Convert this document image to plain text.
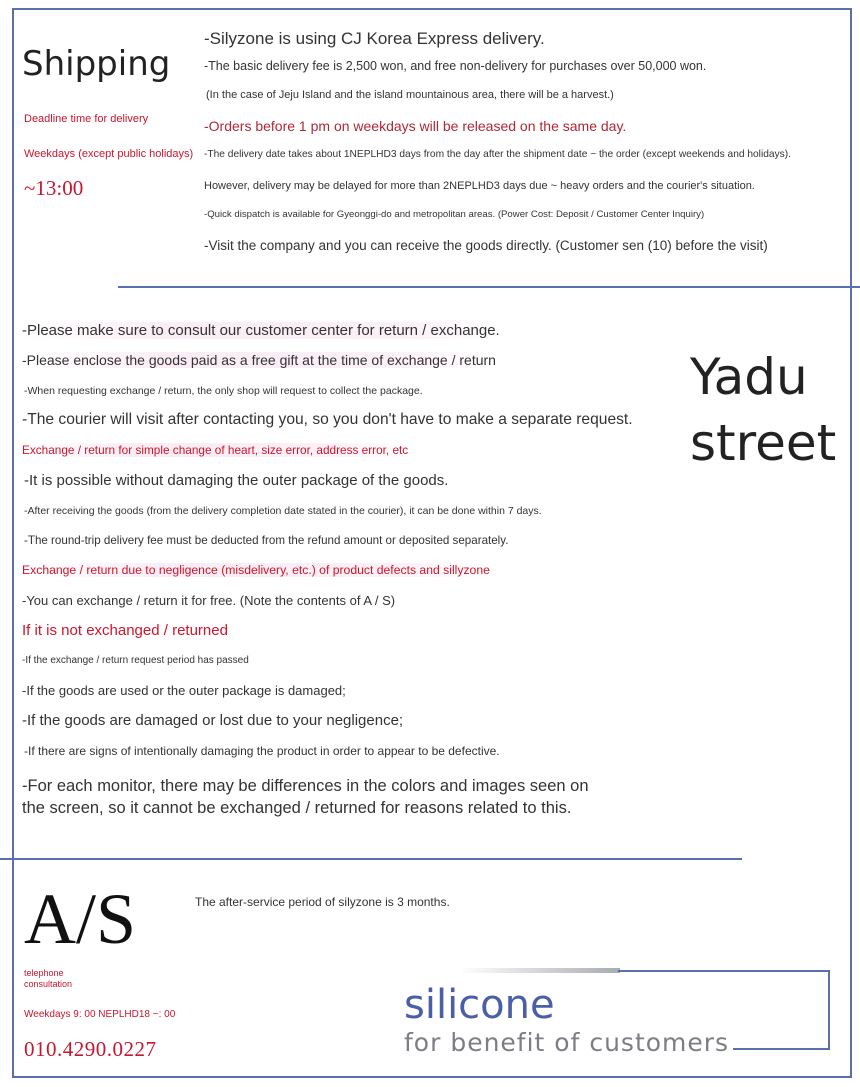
Shipping
Deadline time for delivery
Weekdays (except public holidays)
~13:00
-Silyzone is using CJ Korea Express delivery.
-The basic delivery fee is 2,500 won, and free non-delivery for purchases over 50,000 won.
(In the case of Jeju Island and the island mountainous area, there will be a harvest.)
-Orders before 1 pm on weekdays will be released on the same day.
-The delivery date takes about 1NEPLHD3 days from the day after the shipment date ~ the order (except weekends and holidays).
However, delivery may be delayed for more than 2NEPLHD3 days due ~ heavy orders and the courier's situation.
-Quick dispatch is available for Gyeonggi-do and metropolitan areas. (Power Cost: Deposit / Customer Center Inquiry)
-Visit the company and you can receive the goods directly. (Customer sen (10) before the visit)
Yadu street
-Please make sure to consult our customer center for return / exchange.
-Please enclose the goods paid as a free gift at the time of exchange / return
-When requesting exchange / return, the only shop will request to collect the package.
-The courier will visit after contacting you, so you don't have to make a separate request.
Exchange / return for simple change of heart, size error, address error, etc
-It is possible without damaging the outer package of the goods.
-After receiving the goods (from the delivery completion date stated in the courier), it can be done within 7 days.
-The round-trip delivery fee must be deducted from the refund amount or deposited separately.
Exchange / return due to negligence (misdelivery, etc.) of product defects and sillyzone
-You can exchange / return it for free. (Note the contents of A / S)
If it is not exchanged / returned
-If the exchange / return request period has passed
-If the goods are used or the outer package is damaged;
-If the goods are damaged or lost due to your negligence;
-If there are signs of intentionally damaging the product in order to appear to be defective.
-For each monitor, there may be differences in the colors and images seen on
the screen, so it cannot be exchanged / returned for reasons related to this.
A/S	The after-service period of silyzone is 3 months.
telephone consultation
Weekdays 9: 00 NEPLHD18 ~: 00
010.4290.0227
silicone
for benefit of customers
